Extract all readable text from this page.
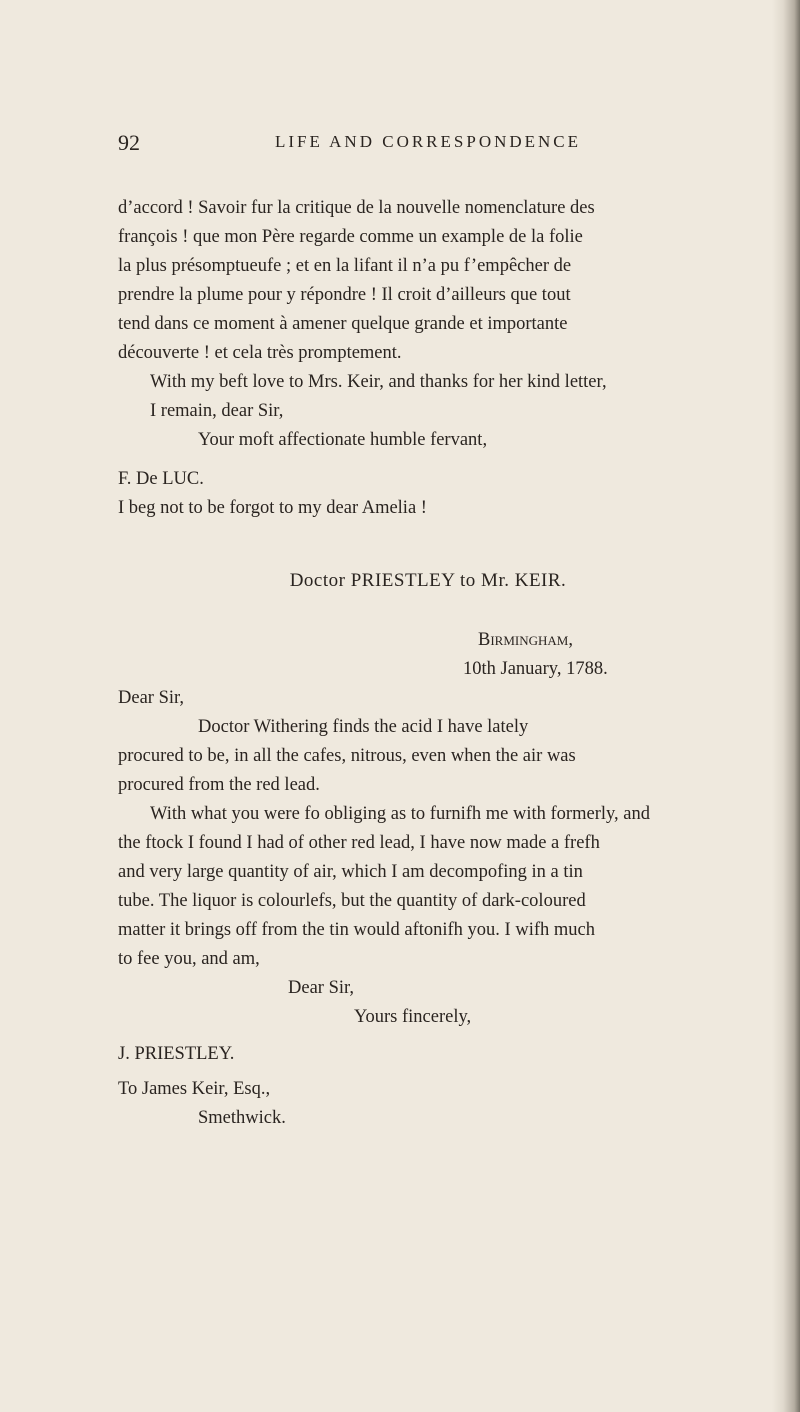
92	LIFE AND CORRESPONDENCE

d’accord ! Savoir fur la critique de la nouvelle nomenclature des

françois ! que mon Père regarde comme un example de la folie

la plus présomptueufe ; et en la lifant il n’a pu f’empêcher de

prendre la plume pour y répondre ! Il croit d’ailleurs que tout

tend dans ce moment à amener quelque grande et importante

découverte ! et cela très promptement.

With my beft love to Mrs. Keir, and thanks for her kind letter,

I remain, dear Sir,

Your moft affectionate humble fervant,

F. De LUC.

I beg not to be forgot to my dear Amelia !

Doctor PRIESTLEY to Mr. KEIR.

Birmingham,

10th January, 1788.

Dear Sir,

Doctor Withering finds the acid I have lately

procured to be, in all the cafes, nitrous, even when the air was

procured from the red lead.

With what you were fo obliging as to furnifh me with formerly, and

the ftock I found I had of other red lead, I have now made a frefh

and very large quantity of air, which I am decompofing in a tin

tube. The liquor is colourlefs, but the quantity of dark-coloured

matter it brings off from the tin would aftonifh you. I wifh much

to fee you, and am,

Dear Sir,

Yours fincerely,

J. PRIESTLEY.

To James Keir, Esq.,

Smethwick.
